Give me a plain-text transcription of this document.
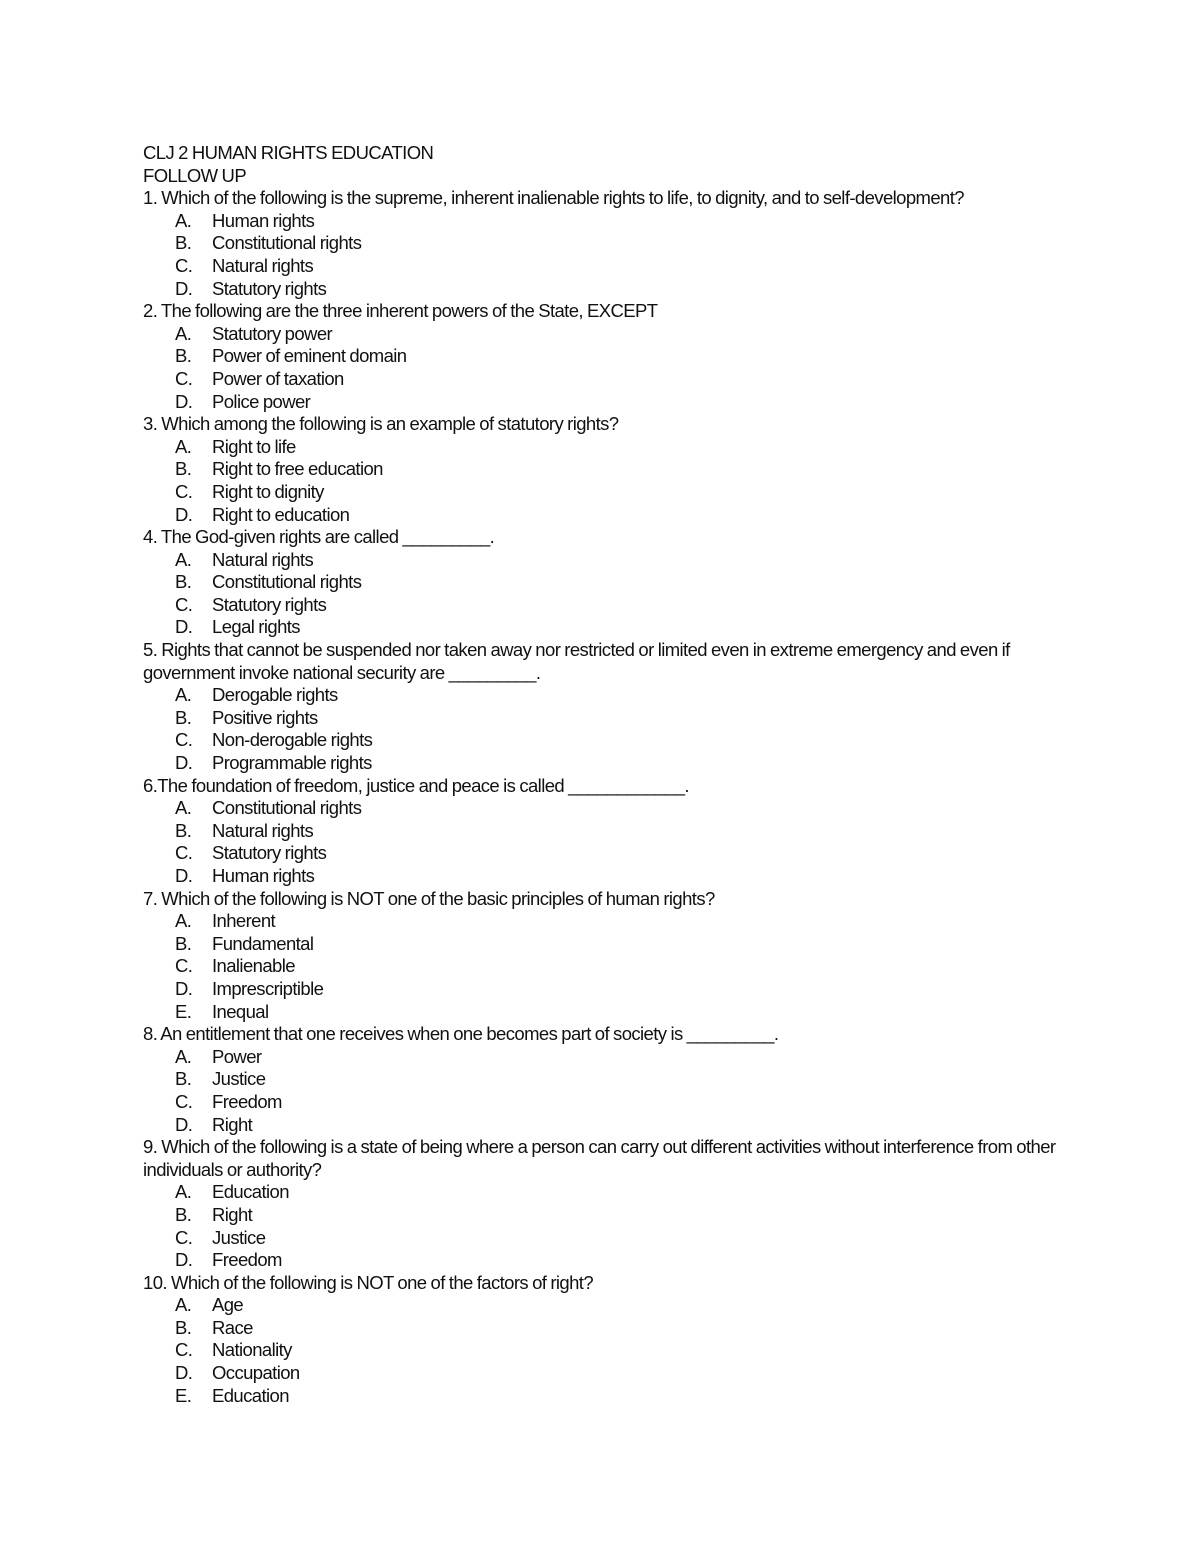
CLJ 2 HUMAN RIGHTS EDUCATION
FOLLOW UP
1. Which of the following is the supreme, inherent inalienable rights to life, to dignity, and to self-development?
A. Human rights
B. Constitutional rights
C. Natural rights
D. Statutory rights
2. The following are the three inherent powers of the State, EXCEPT
A. Statutory power
B. Power of eminent domain
C. Power of taxation
D. Police power
3. Which among the following is an example of statutory rights?
A. Right to life
B. Right to free education
C. Right to dignity
D. Right to education
4. The God-given rights are called _________.
A. Natural rights
B. Constitutional rights
C. Statutory rights
D. Legal rights
5. Rights that cannot be suspended nor taken away nor restricted or limited even in extreme emergency and even if government invoke national security are _________.
A. Derogable rights
B. Positive rights
C. Non-derogable rights
D. Programmable rights
6.The foundation of freedom, justice and peace is called ____________.
A. Constitutional rights
B. Natural rights
C. Statutory rights
D. Human rights
7. Which of the following is NOT one of the basic principles of human rights?
A. Inherent
B. Fundamental
C. Inalienable
D. Imprescriptible
E. Inequal
8. An entitlement that one receives when one becomes part of society is _________.
A. Power
B. Justice
C. Freedom
D. Right
9. Which of the following is a state of being where a person can carry out different activities without interference from other individuals or authority?
A. Education
B. Right
C. Justice
D. Freedom
10. Which of the following is NOT one of the factors of right?
A. Age
B. Race
C. Nationality
D. Occupation
E. Education
